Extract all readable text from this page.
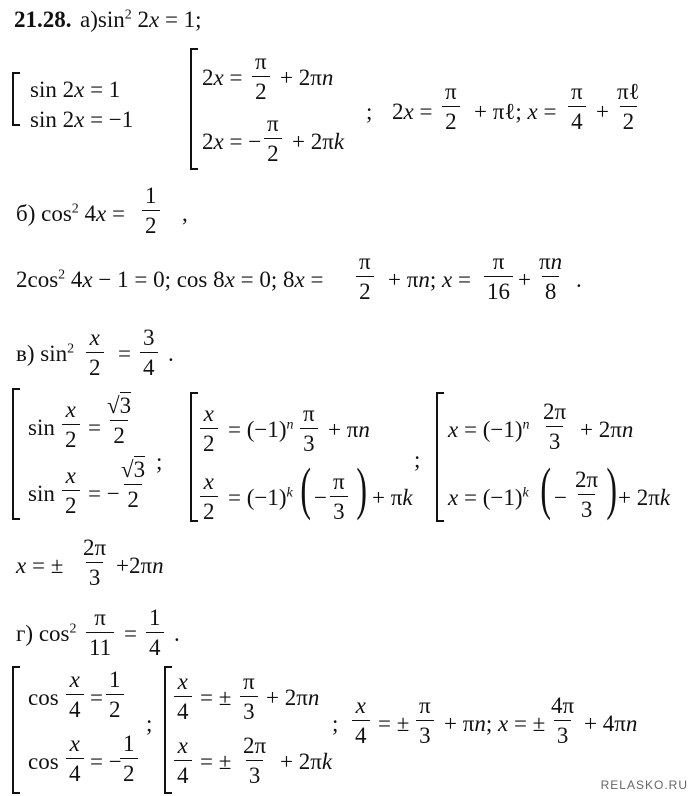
21.28. $а)\sin^2$ 2x = 1;
sin 2x = 1
sin 2x = −1
$2x = \frac{\pi}{2} + 2\pi n$
2x = − $\frac{\pi}{2} + 2\pi k$
; $2x = \frac{\pi}{2}$ + πℓ; $x = \frac{\pi}{4}$ +
πℓ
2
б) $\cos^2 4x = \frac{1}{2}$ ,
$2\cos^2$ 4x − 1 = 0; cos 8x = 0; $8x = \frac{\pi}{2} + \pi n$; $x = \frac{\pi}{16} + \frac{\pi n}{8}$ .
в) $\sin^2 \frac{x}{2} = \frac{3}{4}$ .
$\sin \frac{x}{2} = \frac{√3}{2}$
;
$\sin \frac{x}{2}$ = −
$\frac{√3}{2}$
$\frac{x}{2} = (-1)^n \frac{\pi}{3} + \pi n$
$\frac{x}{2} = (-1)^k$ ( − $\frac{\pi}{3}$ ) + πk
;
$x = (-1)^n \frac{2\pi}{3} + 2\pi n$
$x = (-1)^k$ ( − $\frac{2\pi}{3}$ ) + 2πk
x = ± $\frac{2\pi}{3} +2\pi n$
г) $\cos^2 \frac{\pi}{11} = \frac{1}{4}$ .
$\cos \frac{x}{4} = \frac{1}{2}$
;
$\cos \frac{x}{4}$ = −
$\frac{1}{2}$
$\frac{x}{4}$ = ± $\frac{\pi}{3} + 2\pi n$
$\frac{x}{4}$ = ± $\frac{2\pi}{3} + 2\pi k$
; $\frac{x}{4}$ = ± $\frac{\pi}{3} + \pi n$; x = ± $\frac{4\pi}{3} + 4\pi n$
RELASKO.RU
